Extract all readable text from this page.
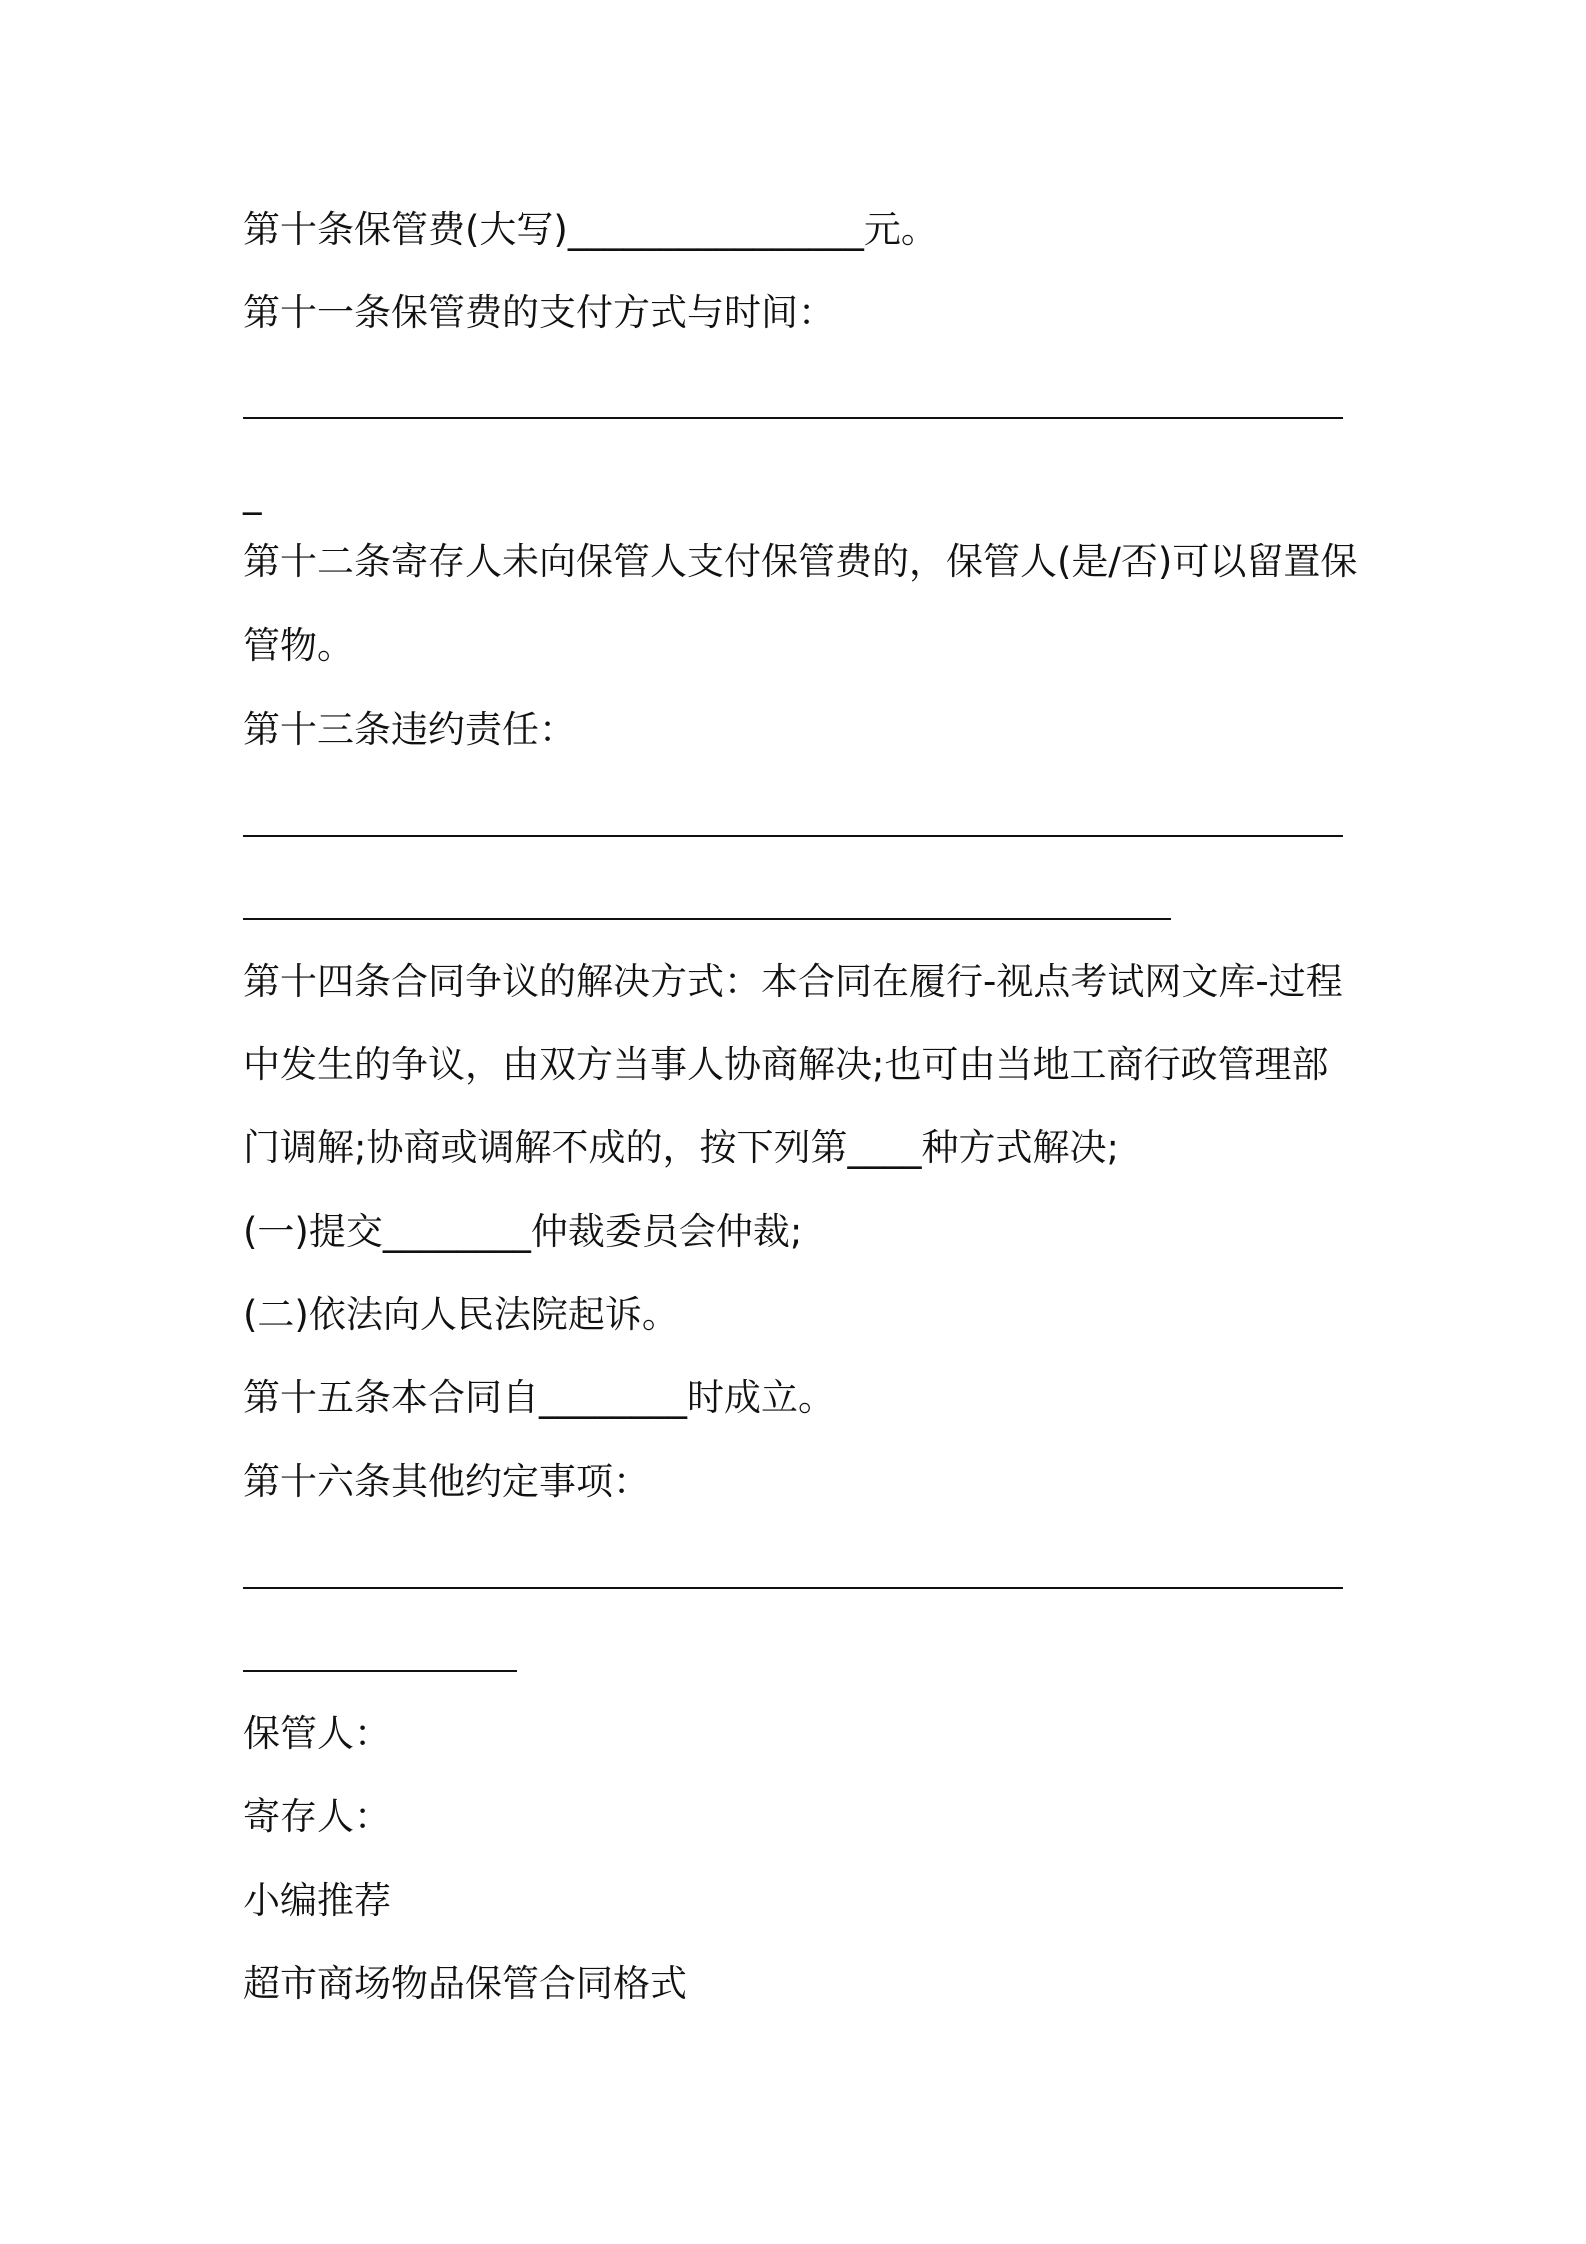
第十条保管费(大写)________________元。
第十一条保管费的支付方式与时间：
_
第十二条寄存人未向保管人支付保管费的，保管人(是/否)可以留置保
管物。
第十三条违约责任：
第十四条合同争议的解决方式：本合同在履行-视点考试网文库-过程
中发生的争议，由双方当事人协商解决;也可由当地工商行政管理部
门调解;协商或调解不成的，按下列第____种方式解决;
(一)提交________仲裁委员会仲裁;
(二)依法向人民法院起诉。
第十五条本合同自________时成立。
第十六条其他约定事项：
保管人：
寄存人：
小编推荐
超市商场物品保管合同格式
